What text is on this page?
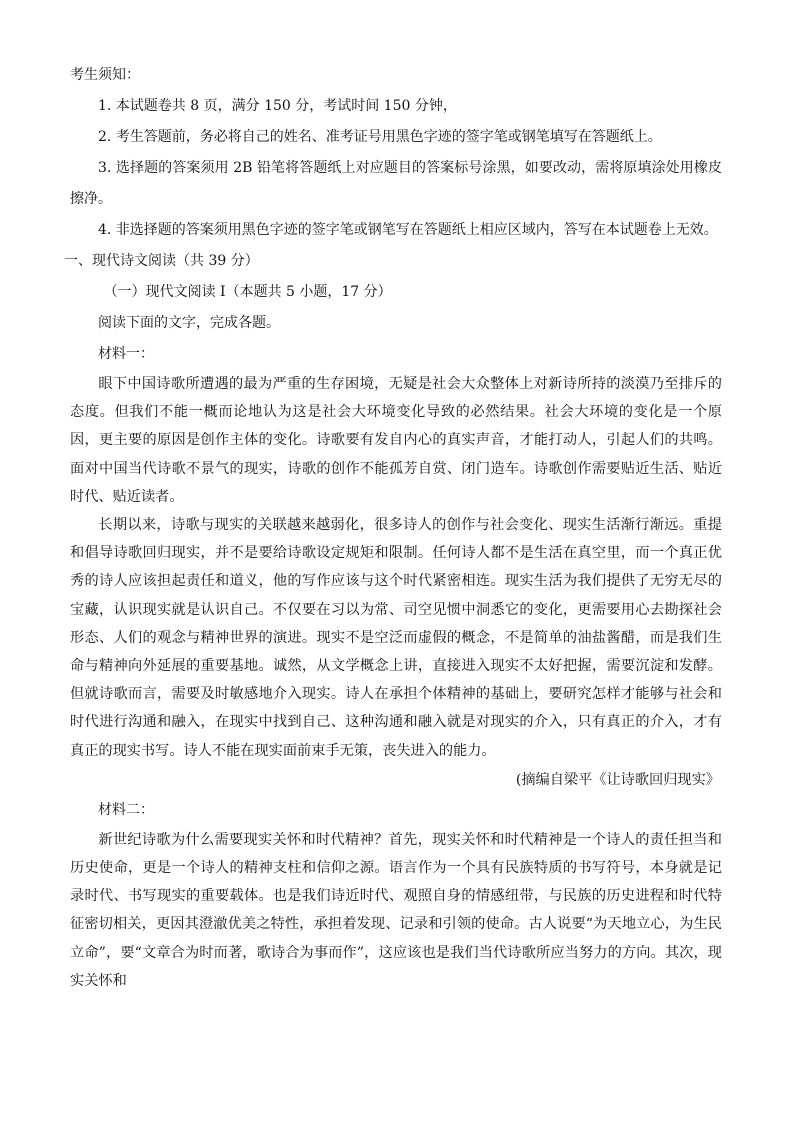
考生须知：
1. 本试题卷共 8 页，满分 150 分，考试时间 150 分钟，
2. 考生答题前，务必将自己的姓名、准考证号用黑色字迹的签字笔或钢笔填写在答题纸上。
3. 选择题的答案须用 2B 铅笔将答题纸上对应题目的答案标号涂黑，如要改动，需将原填涂处用橡皮擦净。
4. 非选择题的答案须用黑色字迹的签字笔或钢笔写在答题纸上相应区域内，答写在本试题卷上无效。
一、现代诗文阅读（共 39 分）
（一）现代文阅读 I（本题共 5 小题，17 分）
阅读下面的文字，完成各题。
材料一：

眼下中国诗歌所遭遇的最为严重的生存困境，无疑是社会大众整体上对新诗所持的淡漠乃至排斥的态度。但我们不能一概而论地认为这是社会大环境变化导致的必然结果。社会大环境的变化是一个原因，更主要的原因是创作主体的变化。诗歌要有发自内心的真实声音，才能打动人，引起人们的共鸣。面对中国当代诗歌不景气的现实，诗歌的创作不能孤芳自赏、闭门造车。诗歌创作需要贴近生活、贴近时代、贴近读者。

长期以来，诗歌与现实的关联越来越弱化，很多诗人的创作与社会变化、现实生活渐行渐远。重提和倡导诗歌回归现实，并不是要给诗歌设定规矩和限制。任何诗人都不是生活在真空里，而一个真正优秀的诗人应该担起责任和道义，他的写作应该与这个时代紧密相连。现实生活为我们提供了无穷无尽的宝藏，认识现实就是认识自己。不仅要在习以为常、司空见惯中洞悉它的变化，更需要用心去勘探社会形态、人们的观念与精神世界的演进。现实不是空泛而虚假的概念，不是简单的油盐酱醋，而是我们生命与精神向外延展的重要基地。诚然，从文学概念上讲，直接进入现实不太好把握，需要沉淀和发酵。但就诗歌而言，需要及时敏感地介入现实。诗人在承担个体精神的基础上，要研究怎样才能够与社会和时代进行沟通和融入，在现实中找到自己、这种沟通和融入就是对现实的介入，只有真正的介入，才有真正的现实书写。诗人不能在现实面前束手无策，丧失进入的能力。

(摘编自梁平《让诗歌回归现实》
材料二：

新世纪诗歌为什么需要现实关怀和时代精神？首先，现实关怀和时代精神是一个诗人的责任担当和历史使命，更是一个诗人的精神支柱和信仰之源。语言作为一个具有民族特质的书写符号，本身就是记录时代、书写现实的重要载体。也是我们诗近时代、观照自身的情感纽带，与民族的历史进程和时代特征密切相关，更因其澄澈优美之特性，承担着发现、记录和引领的使命。古人说要“为天地立心，为生民立命”，要“文章合为时而著，歌诗合为事而作”，这应该也是我们当代诗歌所应当努力的方向。其次，现实关怀和
